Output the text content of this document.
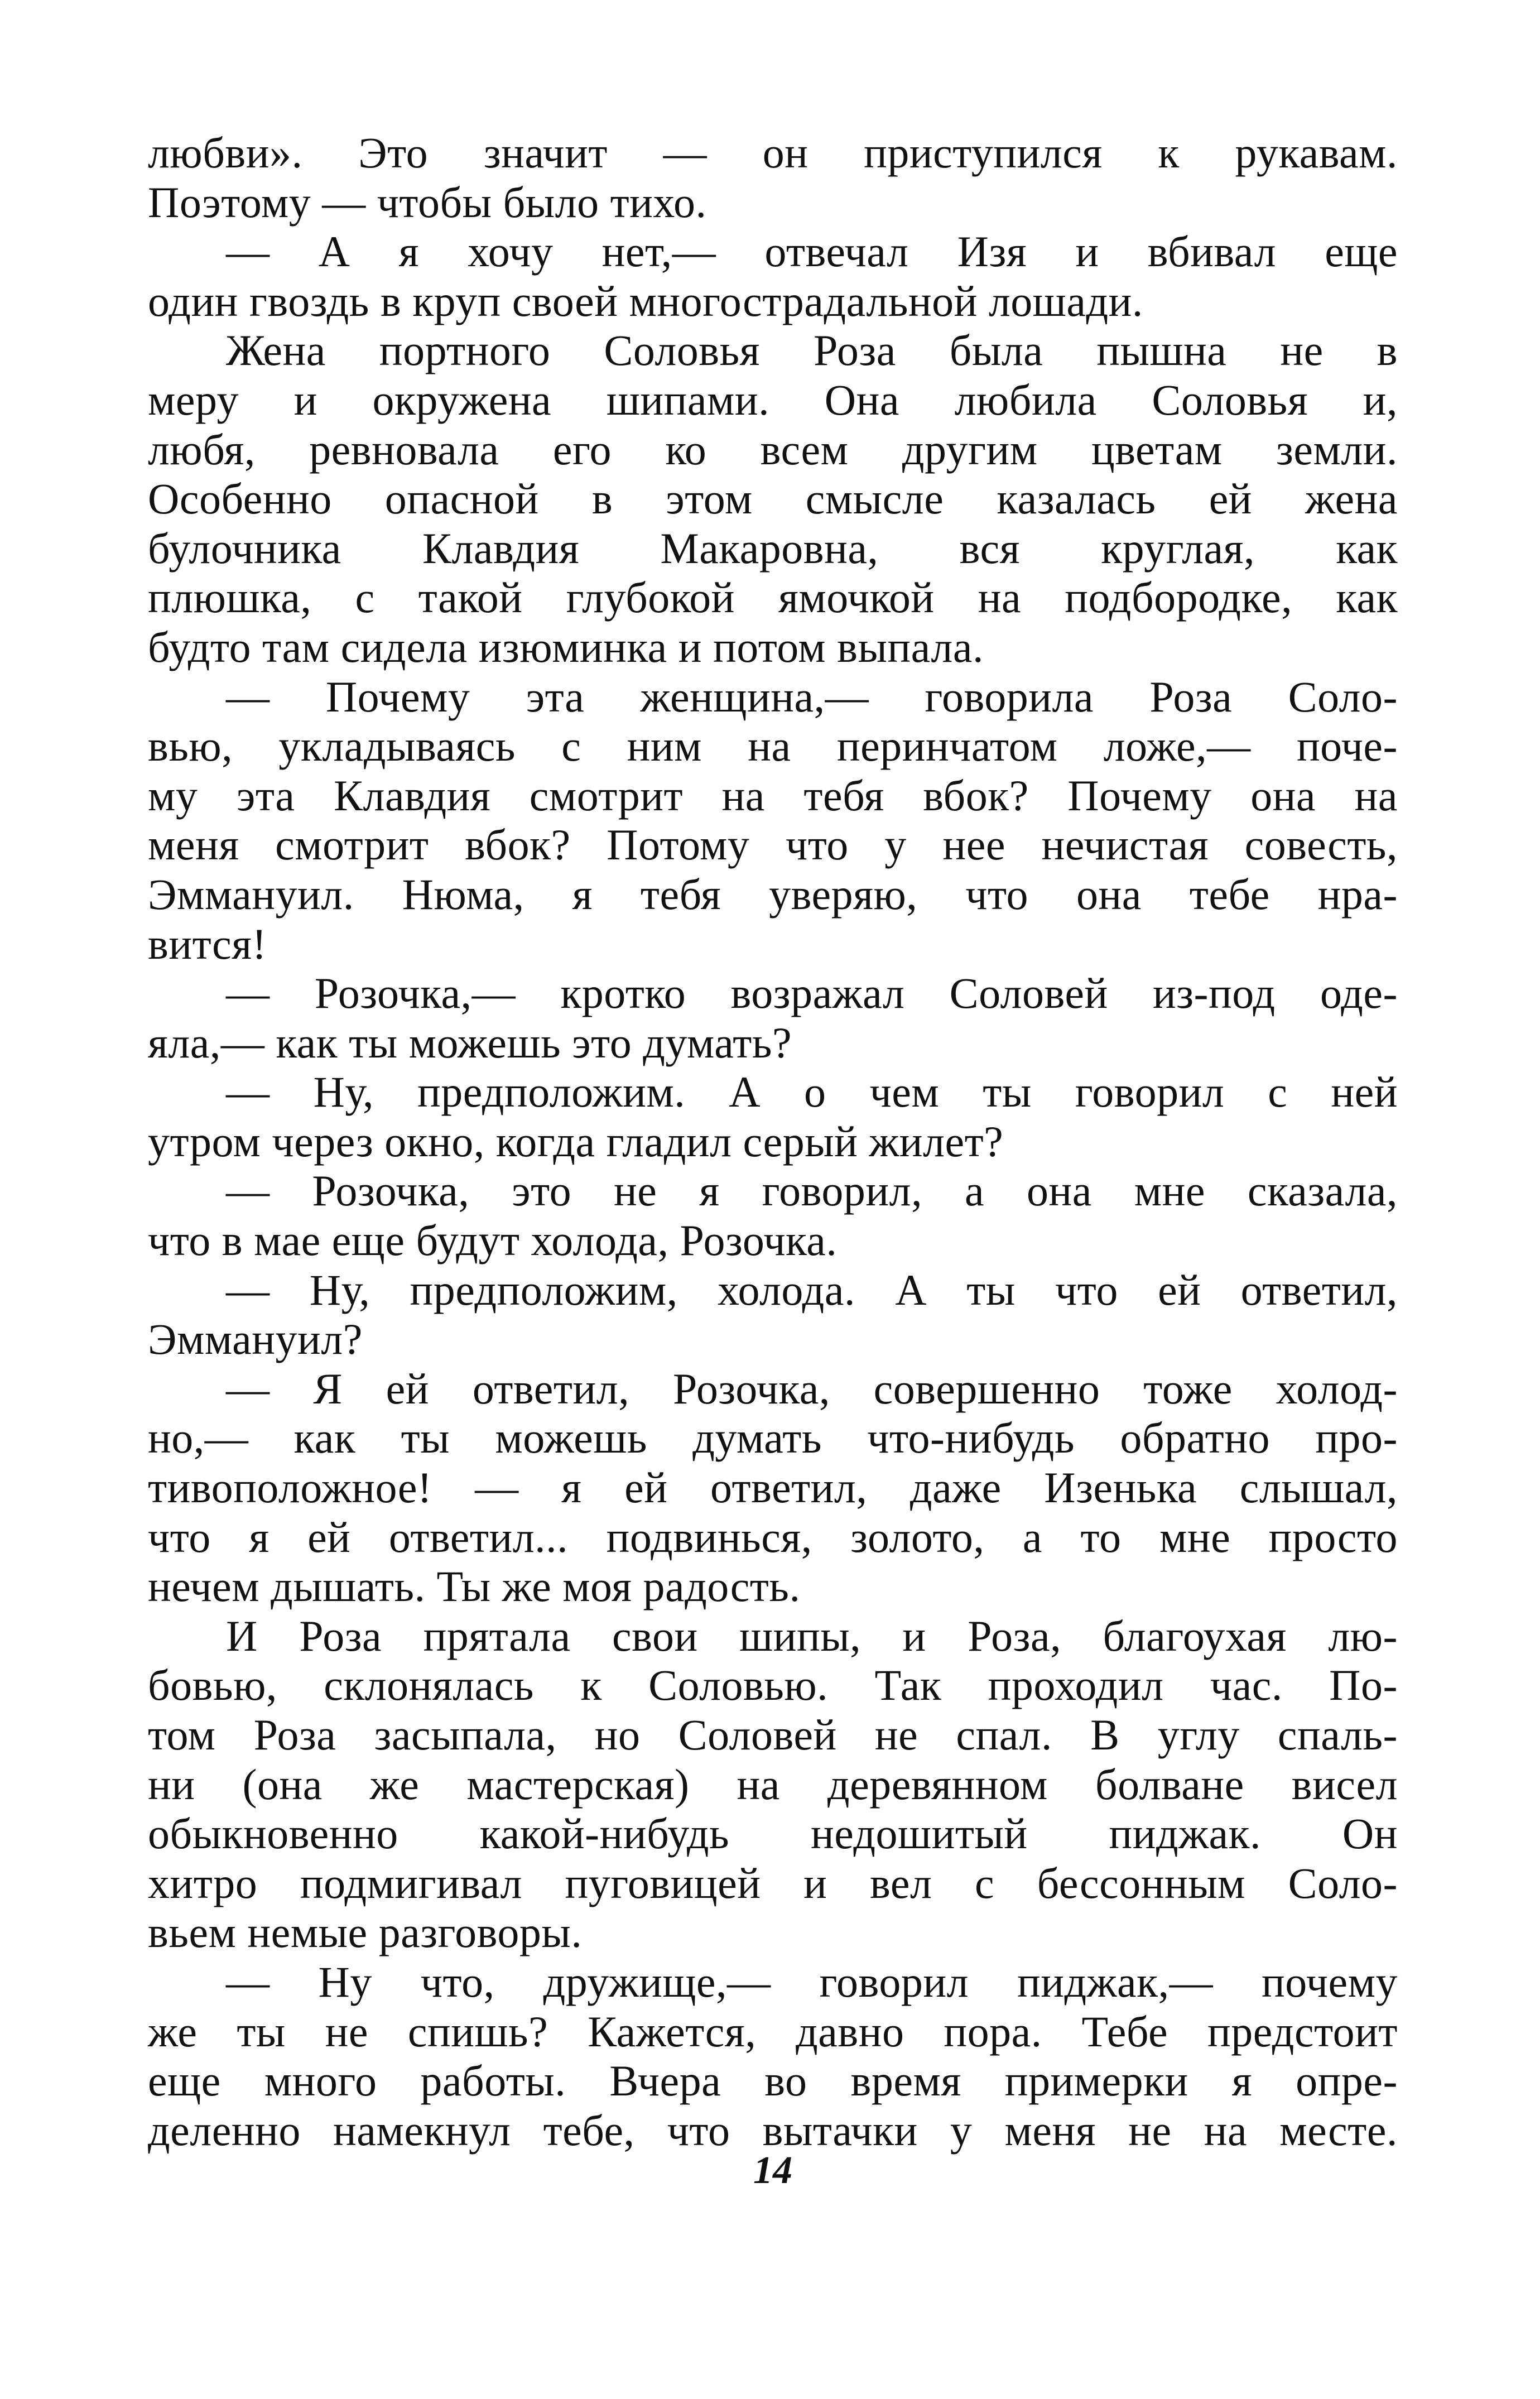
любви». Это значит — он приступился к рукавам.
Поэтому — чтобы было тихо.
— А я хочу нет,— отвечал Изя и вбивал еще
один гвоздь в круп своей многострадальной лошади.
Жена портного Соловья Роза была пышна не в
меру и окружена шипами. Она любила Соловья и,
любя, ревновала его ко всем другим цветам земли.
Особенно опасной в этом смысле казалась ей жена
булочника Клавдия Макаровна, вся круглая, как
плюшка, с такой глубокой ямочкой на подбородке, как
будто там сидела изюминка и потом выпала.
— Почему эта женщина,— говорила Роза Соло-
вью, укладываясь с ним на перинчатом ложе,— поче-
му эта Клавдия смотрит на тебя вбок? Почему она на
меня смотрит вбок? Потому что у нее нечистая совесть,
Эммануил. Нюма, я тебя уверяю, что она тебе нра-
вится!
— Розочка,— кротко возражал Соловей из-под оде-
яла,— как ты можешь это думать?
— Ну, предположим. А о чем ты говорил с ней
утром через окно, когда гладил серый жилет?
— Розочка, это не я говорил, а она мне сказала,
что в мае еще будут холода, Розочка.
— Ну, предположим, холода. А ты что ей ответил,
Эммануил?
— Я ей ответил, Розочка, совершенно тоже холод-
но,— как ты можешь думать что-нибудь обратно про-
тивоположное! — я ей ответил, даже Изенька слышал,
что я ей ответил... подвинься, золото, а то мне просто
нечем дышать. Ты же моя радость.
И Роза прятала свои шипы, и Роза, благоухая лю-
бовью, склонялась к Соловью. Так проходил час. По-
том Роза засыпала, но Соловей не спал. В углу спаль-
ни (она же мастерская) на деревянном болване висел
обыкновенно какой-нибудь недошитый пиджак. Он
хитро подмигивал пуговицей и вел с бессонным Соло-
вьем немые разговоры.
— Ну что, дружище,— говорил пиджак,— почему
же ты не спишь? Кажется, давно пора. Тебе предстоит
еще много работы. Вчера во время примерки я опре-
деленно намекнул тебе, что вытачки у меня не на месте.
14
